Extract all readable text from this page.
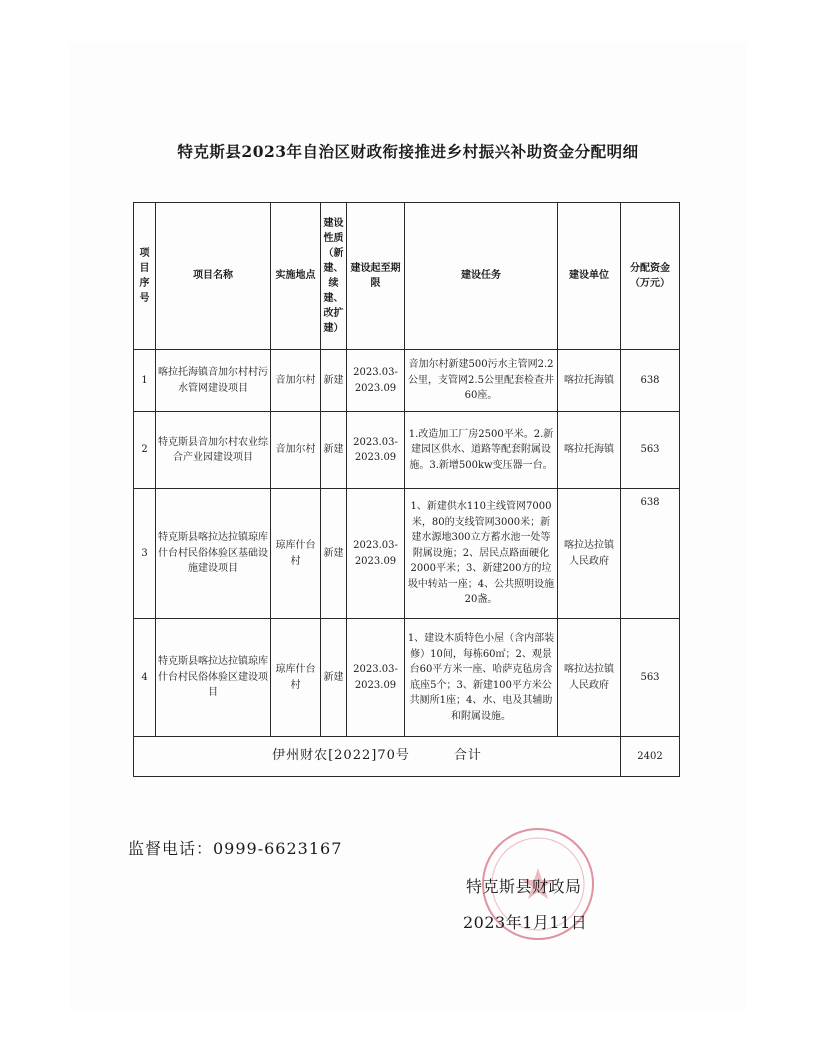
特克斯县2023年自治区财政衔接推进乡村振兴补助资金分配明细
项目序号	项目名称	实施地点	建设性质（新建、续建、改扩建）	建设起至期限	建设任务	建设单位	分配资金（万元）
1	喀拉托海镇音加尔村村污水管网建设项目	音加尔村	新建	2023.03-2023.09	音加尔村新建500污水主管网2.2公里，支管网2.5公里配套检查井60座。	喀拉托海镇	638
2	特克斯县音加尔村农业综合产业园建设项目	音加尔村	新建	2023.03-2023.09	1.改造加工厂房2500平米。2.新建园区供水、道路等配套附属设施。3.新增500kw变压器一台。	喀拉托海镇	563
3	特克斯县喀拉达拉镇琼库什台村民俗体验区基础设施建设项目	琼库什台村	新建	2023.03-2023.09	1、新建供水110主线管网7000米，80的支线管网3000米；新建水源地300立方蓄水池一处等附属设施；2、居民点路面硬化2000平米；3、新建200方的垃圾中转站一座；4、公共照明设施20盏。	喀拉达拉镇人民政府	638
4	特克斯县喀拉达拉镇琼库什台村民俗体验区建设项目	琼库什台村	新建	2023.03-2023.09	1、建设木质特色小屋（含内部装修）10间，每栋60㎡；2、观景台60平方米一座、哈萨克毡房含底座5个；3、新建100平方米公共厕所1座；4、水、电及其辅助和附属设施。	喀拉达拉镇人民政府	563
伊州财农[2022]70号 合计							2402
监督电话：0999-6623167
特克斯县财政局
2023年1月11日
